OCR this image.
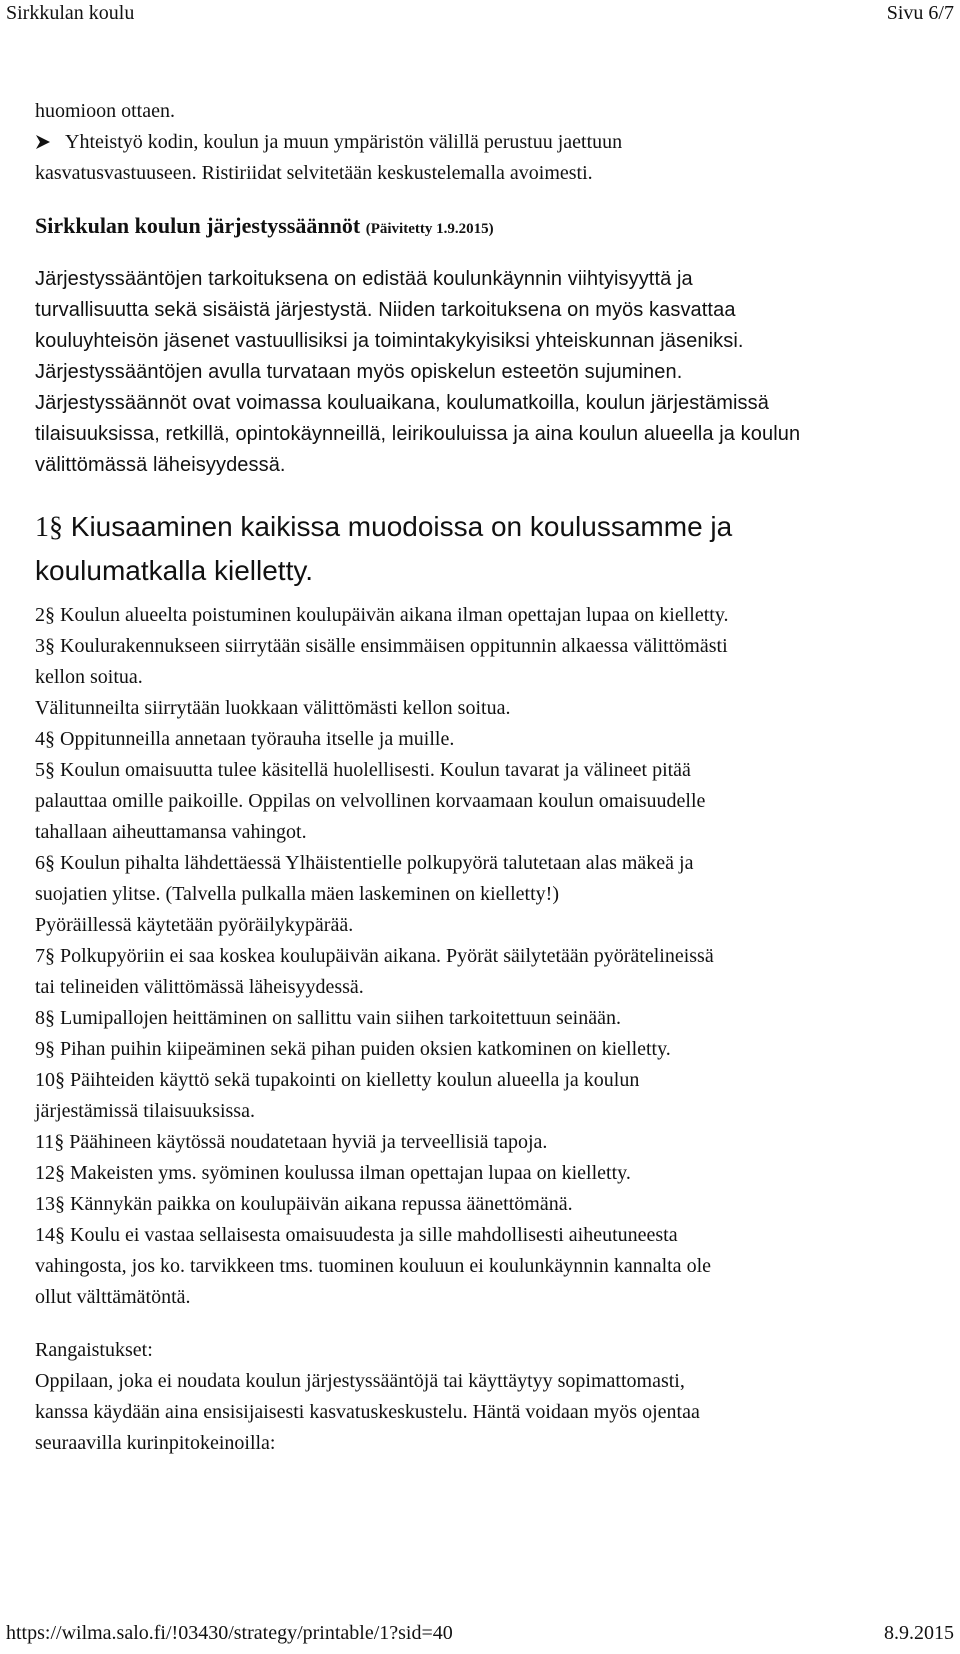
Sirkkulan koulu	Sivu 6/7
huomioon ottaen.
Yhteistyö kodin, koulun ja muun ympäristön välillä perustuu jaettuun
kasvatusvastuuseen. Ristiriidat selvitetään keskustelemalla avoimesti.
Sirkkulan koulun järjestyssäännöt (Päivitetty 1.9.2015)
Järjestyssääntöjen tarkoituksena on edistää koulunkäynnin viihtyisyyttä ja
turvallisuutta sekä sisäistä järjestystä. Niiden tarkoituksena on myös kasvattaa
kouluyhteisön jäsenet vastuullisiksi ja toimintakykyisiksi yhteiskunnan jäseniksi.
Järjestyssääntöjen avulla turvataan myös opiskelun esteetön sujuminen.
Järjestyssäännöt ovat voimassa kouluaikana, koulumatkoilla, koulun järjestämissä
tilaisuuksissa, retkillä, opintokäynneillä, leirikouluissa ja aina koulun alueella ja koulun
välittömässä läheisyydessä.
1§ Kiusaaminen kaikissa muodoissa on koulussamme ja
koulumatkalla kielletty.
2§ Koulun alueelta poistuminen koulupäivän aikana ilman opettajan lupaa on kielletty.
3§ Koulurakennukseen siirrytään sisälle ensimmäisen oppitunnin alkaessa välittömästi
kellon soitua.
Välitunneilta siirrytään luokkaan välittömästi kellon soitua.
4§ Oppitunneilla annetaan työrauha itselle ja muille.
5§ Koulun omaisuutta tulee käsitellä huolellisesti. Koulun tavarat ja välineet pitää
palauttaa omille paikoille. Oppilas on velvollinen korvaamaan koulun omaisuudelle
tahallaan aiheuttamansa vahingot.
6§ Koulun pihalta lähdettäessä Ylhäistentielle polkupyörä talutetaan alas mäkeä ja
suojatien ylitse. (Talvella pulkalla mäen laskeminen on kielletty!)
Pyöräillessä käytetään pyöräilykypärää.
7§ Polkupyöriin ei saa koskea koulupäivän aikana. Pyörät säilytetään pyörätelineissä
tai telineiden välittömässä läheisyydessä.
8§ Lumipallojen heittäminen on sallittu vain siihen tarkoitettuun seinään.
9§ Pihan puihin kiipeäminen sekä pihan puiden oksien katkominen on kielletty.
10§ Päihteiden käyttö sekä tupakointi on kielletty koulun alueella ja koulun
järjestämissä tilaisuuksissa.
11§ Päähineen käytössä noudatetaan hyviä ja terveellisiä tapoja.
12§ Makeisten yms. syöminen koulussa ilman opettajan lupaa on kielletty.
13§ Kännykän paikka on koulupäivän aikana repussa äänettömänä.
14§ Koulu ei vastaa sellaisesta omaisuudesta ja sille mahdollisesti aiheutuneesta
vahingosta, jos ko. tarvikkeen tms. tuominen kouluun ei koulunkäynnin kannalta ole
ollut välttämätöntä.
Rangaistukset:
Oppilaan, joka ei noudata koulun järjestyssääntöjä tai käyttäytyy sopimattomasti,
kanssa käydään aina ensisijaisesti kasvatuskeskustelu. Häntä voidaan myös ojentaa
seuraavilla kurinpitokeinoilla:
https://wilma.salo.fi/!03430/strategy/printable/1?sid=40	8.9.2015
